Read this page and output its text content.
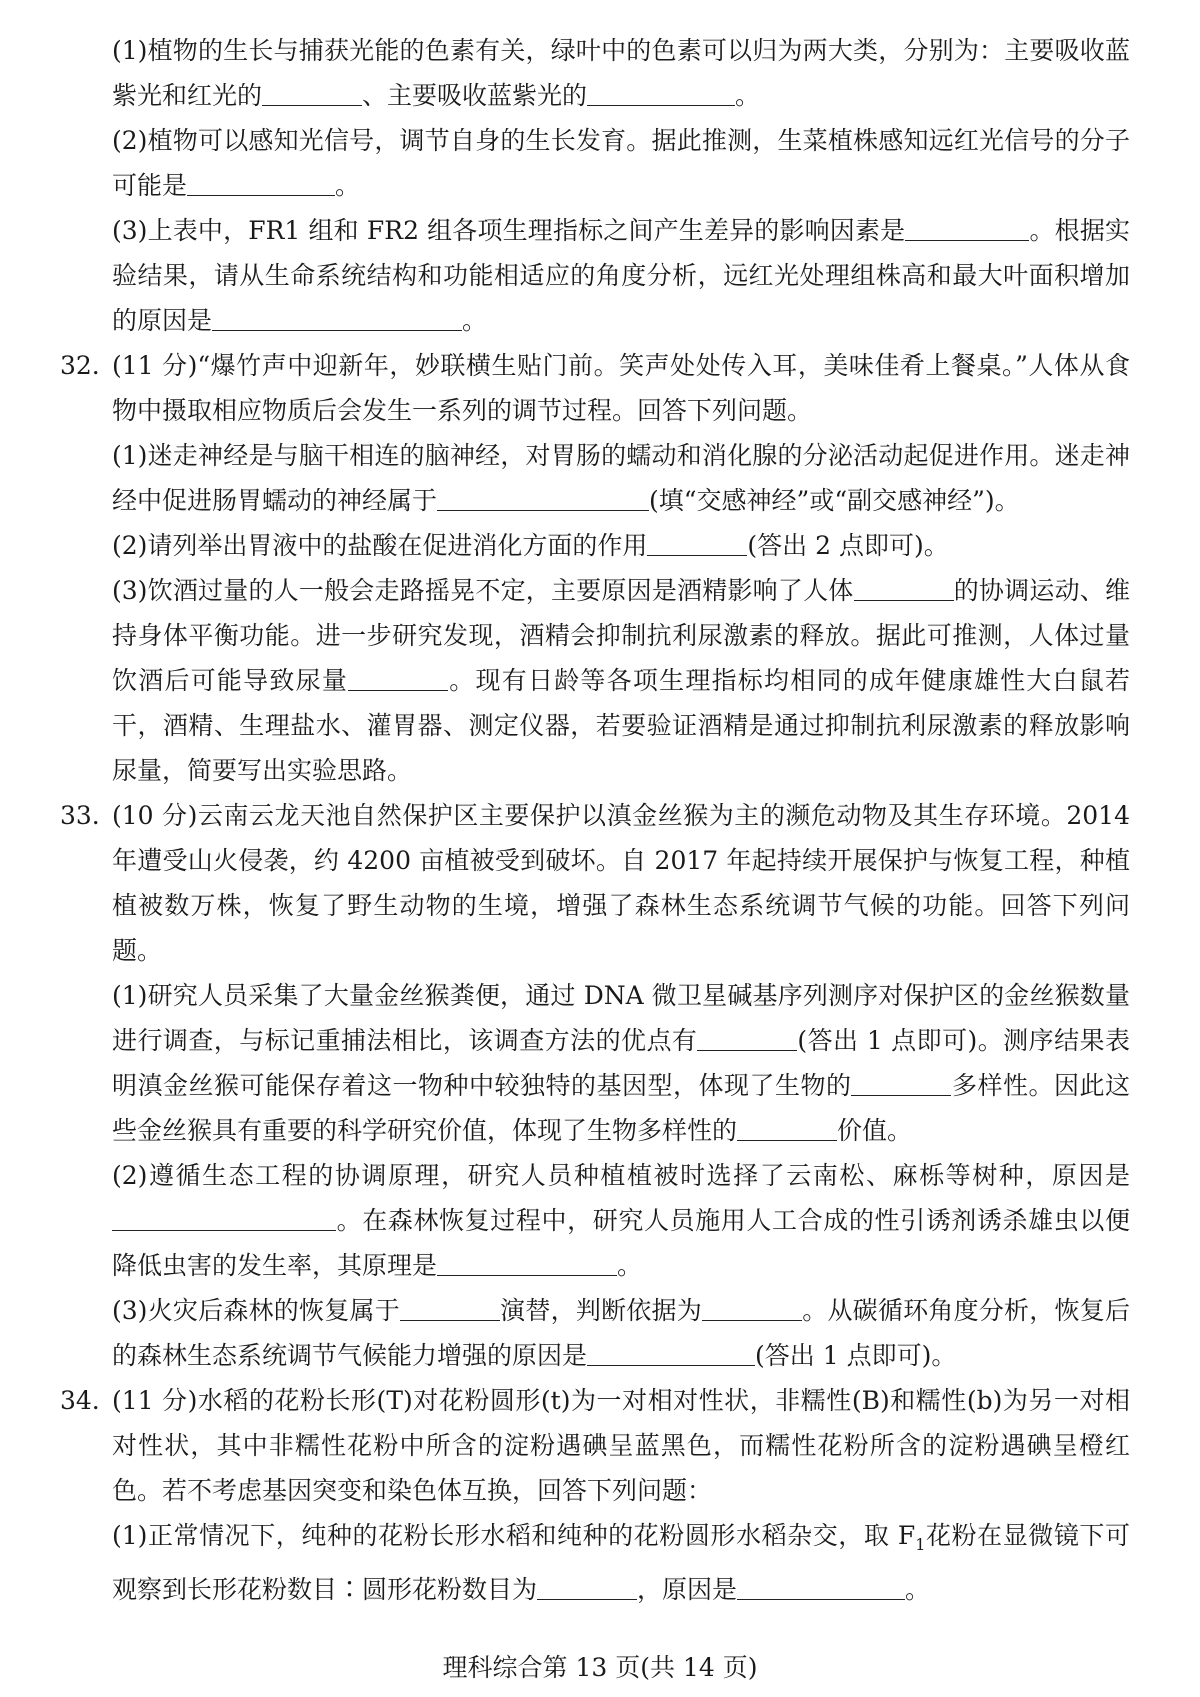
(1)植物的生长与捕获光能的色素有关，绿叶中的色素可以归为两大类，分别为：主要吸收蓝紫光和红光的	、主要吸收蓝紫光的	。

(2)植物可以感知光信号，调节自身的生长发育。据此推测，生菜植株感知远红光信号的分子可能是	。

(3)上表中，FR1 组和 FR2 组各项生理指标之间产生差异的影响因素是	。根据实验结果，请从生命系统结构和功能相适应的角度分析，远红光处理组株高和最大叶面积增加的原因是	。

32. (11 分)“爆竹声中迎新年，妙联横生贴门前。笑声处处传入耳，美味佳肴上餐桌。”人体从食物中摄取相应物质后会发生一系列的调节过程。回答下列问题。

(1)迷走神经是与脑干相连的脑神经，对胃肠的蠕动和消化腺的分泌活动起促进作用。迷走神经中促进肠胃蠕动的神经属于	(填“交感神经”或“副交感神经”)。

(2)请列举出胃液中的盐酸在促进消化方面的作用	(答出 2 点即可)。

(3)饮酒过量的人一般会走路摇晃不定，主要原因是酒精影响了人体	的协调运动、维持身体平衡功能。进一步研究发现，酒精会抑制抗利尿激素的释放。据此可推测，人体过量饮酒后可能导致尿量	。现有日龄等各项生理指标均相同的成年健康雄性大白鼠若干，酒精、生理盐水、灌胃器、测定仪器，若要验证酒精是通过抑制抗利尿激素的释放影响尿量，简要写出实验思路。

33. (10 分)云南云龙天池自然保护区主要保护以滇金丝猴为主的濒危动物及其生存环境。2014 年遭受山火侵袭，约 4200 亩植被受到破坏。自 2017 年起持续开展保护与恢复工程，种植植被数万株，恢复了野生动物的生境，增强了森林生态系统调节气候的功能。回答下列问题。

(1)研究人员采集了大量金丝猴粪便，通过 DNA 微卫星碱基序列测序对保护区的金丝猴数量进行调查，与标记重捕法相比，该调查方法的优点有	(答出 1 点即可)。测序结果表明滇金丝猴可能保存着这一物种中较独特的基因型，体现了生物的	多样性。因此这些金丝猴具有重要的科学研究价值，体现了生物多样性的	价值。

(2)遵循生态工程的协调原理，研究人员种植植被时选择了云南松、麻栎等树种，原因是。在森林恢复过程中，研究人员施用人工合成的性引诱剂诱杀雄虫以便降低虫害的发生率，其原理是	。

(3)火灾后森林的恢复属于	演替，判断依据为	。从碳循环角度分析，恢复后的森林生态系统调节气候能力增强的原因是	(答出 1 点即可)。

34. (11 分)水稻的花粉长形(T)对花粉圆形(t)为一对相对性状，非糯性(B)和糯性(b)为另一对相对性状，其中非糯性花粉中所含的淀粉遇碘呈蓝黑色，而糯性花粉所含的淀粉遇碘呈橙红色。若不考虑基因突变和染色体互换，回答下列问题：

(1)正常情况下，纯种的花粉长形水稻和纯种的花粉圆形水稻杂交，取 $F_1$花粉在显微镜下可观察到长形花粉数目∶圆形花粉数目为	，原因是	。

理科综合第 13 页(共 14 页)
